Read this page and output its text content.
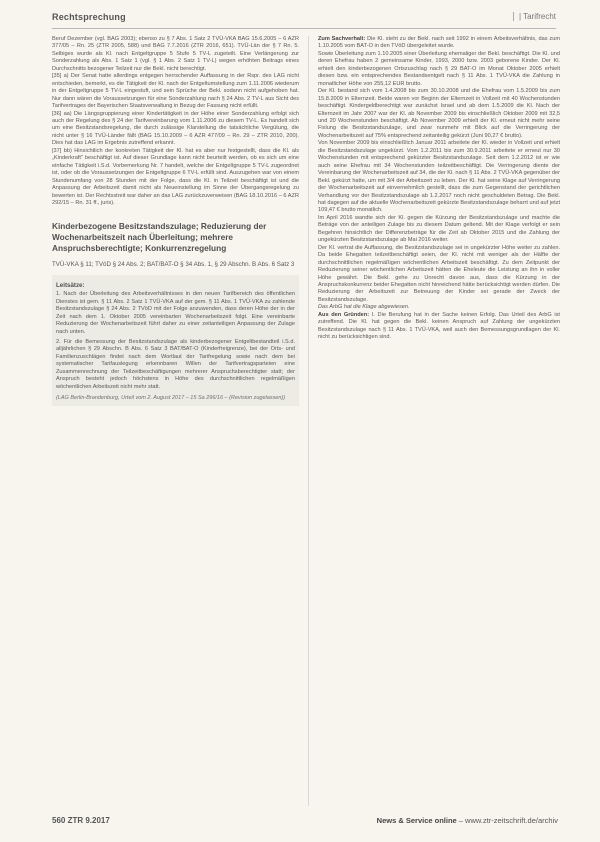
Rechtsprechung	| Tarifrecht

Beruf Dezember (vgl. BAG 2003); ebenso zu § 7 Abs. 1 Satz 2 TVÜ-VKA BAG 15.6.2005 – 6 AZR 377/05 – Rn. 25 (ZTR 2005, 588) und BAG 7.7.2016 (ZTR 2016, 651). TVÜ-Län der § 7 Rn. 5. Selbiges wurde als Kl. nach Entgeltgruppe 5 Stufe 5 TV-L zugeteilt. Eine Verlängerung zur Sonderzahlung als Abs. 1 Satz 1 (vgl. § 1 Abs. 2 Satz 1 TV-L) wegen erhöhten Beitrags eines Durchschnitts bezogener Teilzeit nur die Bekl. nicht berechtigt.

[35] a) Der Senat hatte allerdings entgegen herrschender Auffassung in der Rspr. des LAG nicht entschieden, bemerkt, es die Tätigkeit der Kl. nach der Entgeltumstellung zum 1.11.2006 wiederum in der Entgeltgruppe 5 TV-L eingestuft, und sein Sprüche der Bekl. sodann nicht aufgehoben hat. Nur dann wären die Voraussetzungen für eine Sonderzahlung nach § 24 Abs. 2 TV-L aus Sicht des Tarifvertrages der Bayerischen Staatsverwaltung in Bezug der Fassung nicht erfüllt.

[36] aa) Die Längsgruppierung einer Kindertätigkeit in der Höhe einer Sonderzahlung erfolgt sich auch der Regelung des § 24 der Tarifvereinbarung vom 1.11.2006 zu diesem TV-L. Es handelt sich um eine Besitzstandsregelung, die durch zulässige Klarstellung die tatsächliche Vergütung, die nicht unter § 16 TVÜ-Länder fällt (BAG 15.10.2009 – 6 AZR 477/09 – Rn. 29 – ZTR 2010, 200). Dies hat das LAG im Ergebnis zutreffend erkannt.

[37] bb) Hinsichtlich der konkreten Tätigkeit der Kl. hat es aber nur festgestellt, dass die Kl. als „Kinderkraft" beschäftigt ist. Auf dieser Grundlage kann nicht beurteilt werden, ob es sich um eine einfache Tätigkeit i.S.d. Vorbemerkung Nr. 7 handelt, welche der Entgeltgruppe 5 TV-L zugeordnet ist, oder ob die Voraussetzungen der Entgeltgruppe 6 TV-L erfüllt sind. Auszugehen war von einem Stundenumfang von 28 Stunden mit der Folge, dass die Kl. in Teilzeit beschäftigt ist und die Anpassung der Arbeitszeit damit nicht als Neueinstellung im Sinne der Übergangsregelung zu bewerten ist. Der Rechtsstreit war daher an das LAG zurückzuverweisen (BAG 18.10.2016 – 6 AZR 292/15 – Rn. 31 ff., juris).

Kinderbezogene Besitzstandszulage; Reduzierung der Wochenarbeitszeit nach Überleitung; mehrere Anspruchsberechtigte; Konkurrenzregelung
TVÜ-VKA § 11; TVöD § 24 Abs. 2; BAT/BAT-O § 34 Abs. 1, § 29 Abschn. B Abs. 6 Satz 3
Leitsätze:

1. Nach der Überleitung des Arbeitsverhältnisses in den neuen Tarifbereich des öffentlichen Dienstes ist gem. § 11 Abs. 2 Satz 1 TVÜ-VKA auf der gem. § 11 Abs. 1 TVÜ-VKA zu zahlende Besitzstandszulage § 24 Abs. 2 TVöD mit der Folge anzuwenden, dass deren Höhe der in der Zeit nach dem 1. Oktober 2005 vereinbarten Wochenarbeitszeit folgt. Eine vereinbarte Reduzierung der Wochenarbeitszeit führt daher zu einer zeitanteiligen Anpassung der Zulage nach unten.

2. Für die Bemessung der Besitzstandszulage als kinderbezogener Entgeltbestandteil i.S.d. alljährlichen § 29 Abschn. B Abs. 6 Satz 3 BAT/BAT-O (Kinderfreigrenze), bei der Orts- und Familienzuschlägen findet nach dem Wortlaut der Tarifregelung sowie nach dem bei systematischer Tarifauslegung erkennbaren Willen der Tarifvertragsparteien eine Zusammenrechnung der Teilzeitbeschäftigungen mehrerer Anspruchsberechtigter statt; der Anspruch besteht jedoch höchstens in Höhe des durchschnittlichen regelmäßigen wöchentlichen Arbeitszeit nicht mehr statt.

(LAG Berlin-Brandenburg, Urteil vom 2. August 2017 – 15 Sa 296/16 – (Revision zugelassen))

Zum Sachverhalt: Die Kl. steht zu der Bekl. nach seit 1992 in einem Arbeitsverhältnis, das zum 1.10.2005 vom BAT-O in den TVöD übergeleitet wurde.

Sowie Überleitung zum 1.10.2005 einer Überleitung ehemaliger der Bekl. beschäftigt. Die Kl. und deren Ehefrau haben 2 gemeinsame Kinder, 1993, 2000 bzw. 2003 geborene Kinder. Der Kl. erhielt den kinderbezogenen Ortszuschlag nach § 29 BAT-O im Monat Oktober 2005 erhielt diesen bzw. ein entsprechendes Bestandsentgelt nach § 11 Abs. 1 TVÜ-VKA die Zahlung in monatlicher Höhe von 255,12 EUR brutto.

Der Kl. bestand sich vom 1.4.2008 bis zum 30.10.2008 und die Ehefrau vom 1.5.2009 bis zum 15.8.2009 in Elternzeit. Beide waren vor Beginn der Elternzeit in Vollzeit mit 40 Wochenstunden beschäftigt. Kindergeldberechtigt war zunächst Israel und ab dem 1.5.2009 die Kl. Nach der Elternzeit im Jahr 2007 war der Kl. ab November 2009 bis einschließlich Oktober 2009 mit 32,5 und 20 Wochenstunden beschäftigt. Ab November 2009 erhielt der Kl. erneut nicht mehr seine Fixlung die Besitzstandszulage, und zwar nunmehr mit Blick auf die Verringerung der Wochenarbeitszeit auf 75% entsprechend zeitanteilig gekürzt (Juni 90,27 € brutto).

Von November 2009 bis einschließlich Januar 2011 arbeitete der Kl. wieder in Vollzeit und erhielt die Besitzstandszulage ungekürzt. Vom 1.2.2011 bis zum 30.9.2011 arbeitete er erneut nur 30 Wochenstunden mit entsprechend gekürzter Besitzstandszulage. Seit dem 1.2.2012 ist er wie auch seine Ehefrau mit 34 Wochenstunden teilzeitbeschäftigt. Die Verringerung diente der Vereinbarung der Wochenarbeitszeit auf 34, die der Kl. nach § 11 Abs. 2 TVÜ-VKA gegenüber der Bekl. gekürzt hatte, um mit 3/4 der Arbeitszeit zu leben. Der Kl. hat seine Klage auf Verringerung der Wochenarbeitszeit auf einvernehmlich gestellt, dass die zum Gegenstand der gerichtlichen Verhandlung vor der Besitzstandszulage ab 1.2.2017 noch nicht geschuldeten Betrag. Die Bekl. hat dagegen auf die aktuelle Wochenarbeitszeit gekürzte Besitzstandszulage beharrt und auf jetzt 109,47 € brutto monatlich.

Im April 2016 wandte sich der Kl. gegen die Kürzung der Besitzstandszulage und machte die Beträge von der anteiligen Zulage bis zu diesem Datum geltend. Mit der Klage verfolgt er sein Begehren hinsichtlich der Differenzbeträge für die Zeit ab Oktober 2015 und die Zahlung der ungekürzten Besitzstandszulage ab Mai 2016 weiter.

Der Kl. vertrat die Auffassung, die Besitzstandszulage sei in ungekürzter Höhe weiter zu zahlen. Da beide Ehegatten teilzeitbeschäftigt seien, der Kl. nicht mit weniger als der Hälfte der durchschnittlichen regelmäßigen wöchentlichen Arbeitszeit beschäftigt. Zu dem Zeitpunkt der Reduzierung seiner wöchentlichen Arbeitszeit hätten die Eheleute die Leistung an ihn in voller Höhe gewährt. Die Bekl. gehe zu Unrecht davon aus, dass die Kürzung in der Anspruchskonkurrenz beider Ehegatten nicht hinreichend hätte berücksichtigt werden dürfen. Die Reduzierung der Arbeitszeit zur Betreuung der Kinder sei gerade der Zweck der Besitzstandszulage.

Das ArbG hat die Klage abgewiesen.

Aus den Gründen: I. Die Berufung hat in der Sache keinen Erfolg. Das Urteil des ArbG ist zutreffend. Die Kl. hat gegen die Bekl. keinen Anspruch auf Zahlung der ungekürzten Besitzstandszulage nach § 11 Abs. 1 TVÜ-VKA, weil auch den Bemessungsgrundlagen der Kl. nicht zu berücksichtigen sind.

560 ZTR 9.2017	News & Service online – www.ztr-zeitschrift.de/archiv
